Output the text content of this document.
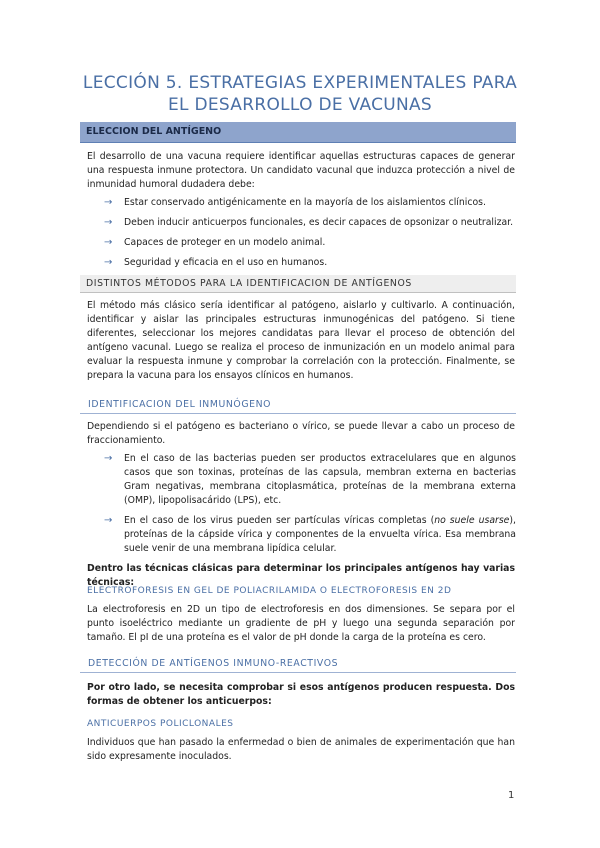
LECCIÓN 5. ESTRATEGIAS EXPERIMENTALES PARA EL DESARROLLO DE VACUNAS
ELECCION DEL ANTÍGENO
El desarrollo de una vacuna requiere identificar aquellas estructuras capaces de generar una respuesta inmune protectora. Un candidato vacunal que induzca protección a nivel de inmunidad humoral dudadera debe:
→ Estar conservado antigénicamente en la mayoría de los aislamientos clínicos.
→ Deben inducir anticuerpos funcionales, es decir capaces de opsonizar o neutralizar.
→ Capaces de proteger en un modelo animal.
→ Seguridad y eficacia en el uso en humanos.
DISTINTOS MÉTODOS PARA LA IDENTIFICACION DE ANTÍGENOS
El método más clásico sería identificar al patógeno, aislarlo y cultivarlo. A continuación, identificar y aislar las principales estructuras inmunogénicas del patógeno. Si tiene diferentes, seleccionar los mejores candidatas para llevar el proceso de obtención del antígeno vacunal. Luego se realiza el proceso de inmunización en un modelo animal para evaluar la respuesta inmune y comprobar la correlación con la protección. Finalmente, se prepara la vacuna para los ensayos clínicos en humanos.
IDENTIFICACION DEL INMUNÓGENO
Dependiendo si el patógeno es bacteriano o vírico, se puede llevar a cabo un proceso de fraccionamiento.
→ En el caso de las bacterias pueden ser productos extracelulares que en algunos casos que son toxinas, proteínas de las capsula, membran externa en bacterias Gram negativas, membrana citoplasmática, proteínas de la membrana externa (OMP), lipopolisacárido (LPS), etc.
→ En el caso de los virus pueden ser partículas víricas completas (no suele usarse), proteínas de la cápside vírica y componentes de la envuelta vírica. Esa membrana suele venir de una membrana lipídica celular.
Dentro las técnicas clásicas para determinar los principales antígenos hay varias técnicas:
ELECTROFORESIS EN GEL DE POLIACRILAMIDA O ELECTROFORESIS EN 2D
La electroforesis en 2D un tipo de electroforesis en dos dimensiones. Se separa por el punto isoeléctrico mediante un gradiente de pH y luego una segunda separación por tamaño. El pI de una proteína es el valor de pH donde la carga de la proteína es cero.
DETECCIÓN DE ANTÍGENOS INMUNO-REACTIVOS
Por otro lado, se necesita comprobar si esos antígenos producen respuesta. Dos formas de obtener los anticuerpos:
ANTICUERPOS POLICLONALES
Individuos que han pasado la enfermedad o bien de animales de experimentación que han sido expresamente inoculados.
1
